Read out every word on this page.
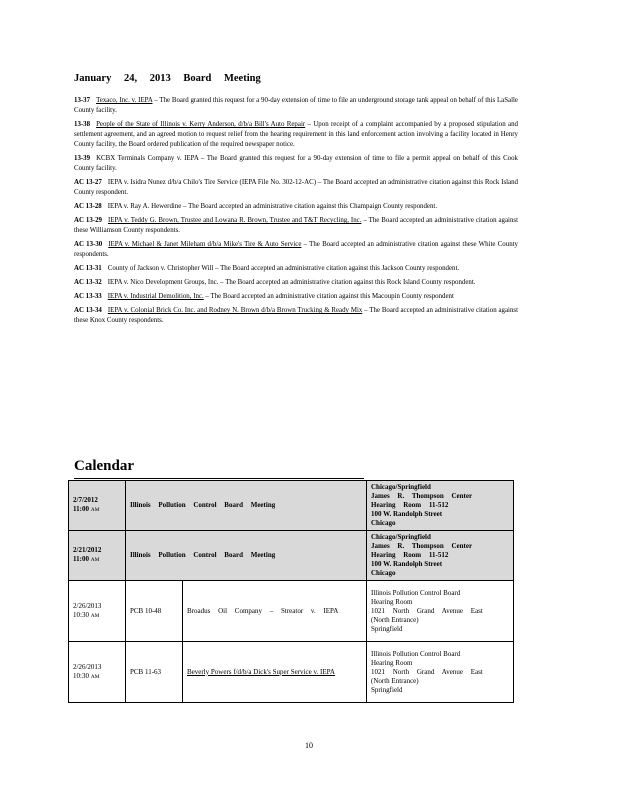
January 24, 2013 Board Meeting
13-37 Texaco, Inc. v. IEPA – The Board granted this request for a 90-day extension of time to file an underground storage tank appeal on behalf of this LaSalle County facility.
13-38 People of the State of Illinois v. Kerry Anderson, d/b/a Bill's Auto Repair – Upon receipt of a complaint accompanied by a proposed stipulation and settlement agreement, and an agreed motion to request relief from the hearing requirement in this land enforcement action involving a facility located in Henry County facility, the Board ordered publication of the required newspaper notice.
13-39 KCBX Terminals Company v. IEPA – The Board granted this request for a 90-day extension of time to file a permit appeal on behalf of this Cook County facility.
AC 13-27 IEPA v. Isidra Nunez d/b/a Chilo's Tire Service (IEPA File No. 302-12-AC) – The Board accepted an administrative citation against this Rock Island County respondent.
AC 13-28 IEPA v. Ray A. Hewerdine – The Board accepted an administrative citation against this Champaign County respondent.
AC 13-29 IEPA v. Teddy G. Brown, Trustee and Lowana R. Brown, Trustee and T&T Recycling, Inc. – The Board accepted an administrative citation against these Williamson County respondents.
AC 13-30 IEPA v. Michael & Janet Mileham d/b/a Mike's Tire & Auto Service – The Board accepted an administrative citation against these White County respondents.
AC 13-31 County of Jackson v. Christopher Will – The Board accepted an administrative citation against this Jackson County respondent.
AC 13-32 IEPA v. Nico Development Groups, Inc. – The Board accepted an administrative citation against this Rock Island County respondent.
AC 13-33 IEPA v. Industrial Demolition, Inc. – The Board accepted an administrative citation against this Macoupin County respondent
AC 13-34 IEPA v. Colonial Brick Co. Inc. and Rodney N. Brown d/b/a Brown Trucking & Ready Mix – The Board accepted an administrative citation against these Knox County respondents.
Calendar
2/7/2012
11:00 AM	Illinois Pollution Control Board Meeting		Chicago/Springfield
James R. Thompson Center
Hearing Room 11-512
100 W. Randolph Street
Chicago
2/21/2012
11:00 AM	Illinois Pollution Control Board Meeting		Chicago/Springfield
James R. Thompson Center
Hearing Room 11-512
100 W. Randolph Street
Chicago
2/26/2013
10:30 AM	PCB 10-48	Broadus Oil Company – Streator v. IEPA	Illinois Pollution Control Board
Hearing Room
1021 North Grand Avenue East
(North Entrance)
Springfield
2/26/2013
10:30 AM	PCB 11-63	Beverly Powers f/d/b/a Dick's Super Service v. IEPA	Illinois Pollution Control Board
Hearing Room
1021 North Grand Avenue East
(North Entrance)
Springfield
10
